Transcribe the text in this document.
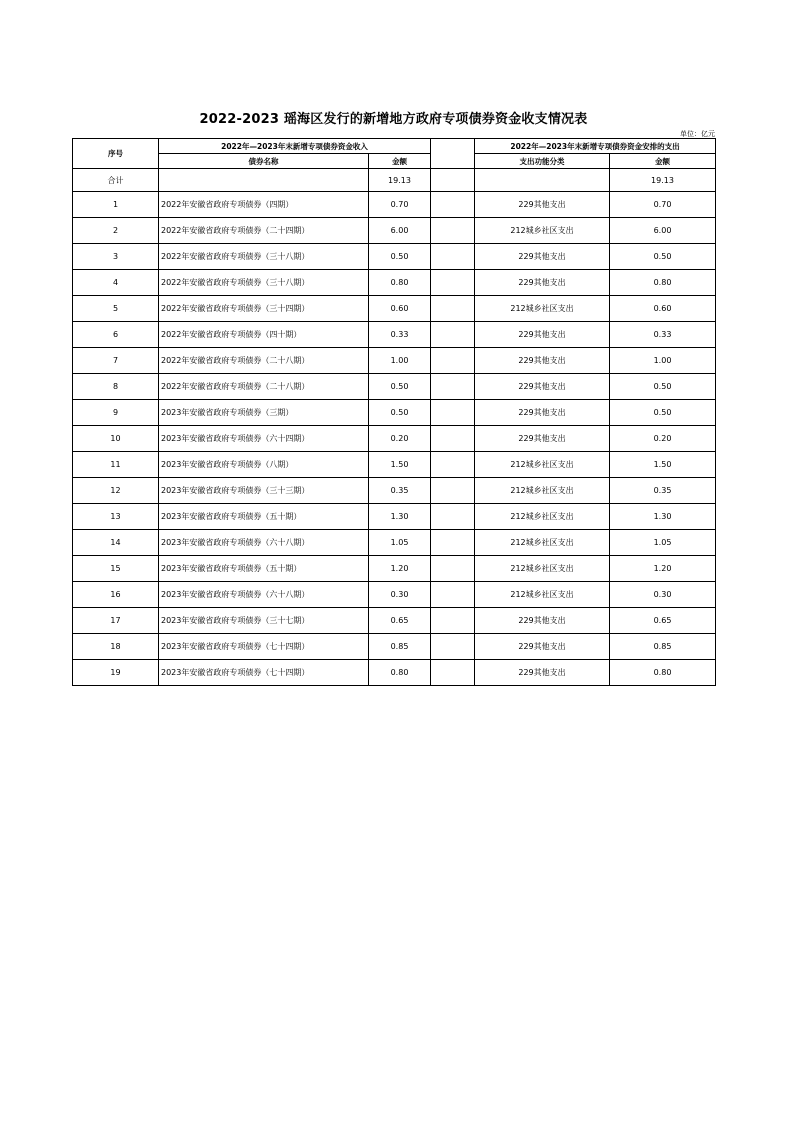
2022-2023 瑶海区发行的新增地方政府专项债券资金收支情况表
单位：亿元
序号	2022年—2023年末新增专项债券资金收入			2022年—2023年末新增专项债券资金安排的支出	
	债券名称	金额		支出功能分类	金额
合计		19.13			19.13
1	2022年安徽省政府专项债券（四期）	0.70		229其他支出	0.70
2	2022年安徽省政府专项债券（二十四期）	6.00		212城乡社区支出	6.00
3	2022年安徽省政府专项债券（三十八期）	0.50		229其他支出	0.50
4	2022年安徽省政府专项债券（三十八期）	0.80		229其他支出	0.80
5	2022年安徽省政府专项债券（三十四期）	0.60		212城乡社区支出	0.60
6	2022年安徽省政府专项债券（四十期）	0.33		229其他支出	0.33
7	2022年安徽省政府专项债券（二十八期）	1.00		229其他支出	1.00
8	2022年安徽省政府专项债券（二十八期）	0.50		229其他支出	0.50
9	2023年安徽省政府专项债券（三期）	0.50		229其他支出	0.50
10	2023年安徽省政府专项债券（六十四期）	0.20		229其他支出	0.20
11	2023年安徽省政府专项债券（八期）	1.50		212城乡社区支出	1.50
12	2023年安徽省政府专项债券（三十三期）	0.35		212城乡社区支出	0.35
13	2023年安徽省政府专项债券（五十期）	1.30		212城乡社区支出	1.30
14	2023年安徽省政府专项债券（六十八期）	1.05		212城乡社区支出	1.05
15	2023年安徽省政府专项债券（五十期）	1.20		212城乡社区支出	1.20
16	2023年安徽省政府专项债券（六十八期）	0.30		212城乡社区支出	0.30
17	2023年安徽省政府专项债券（三十七期）	0.65		229其他支出	0.65
18	2023年安徽省政府专项债券（七十四期）	0.85		229其他支出	0.85
19	2023年安徽省政府专项债券（七十四期）	0.80		229其他支出	0.80
